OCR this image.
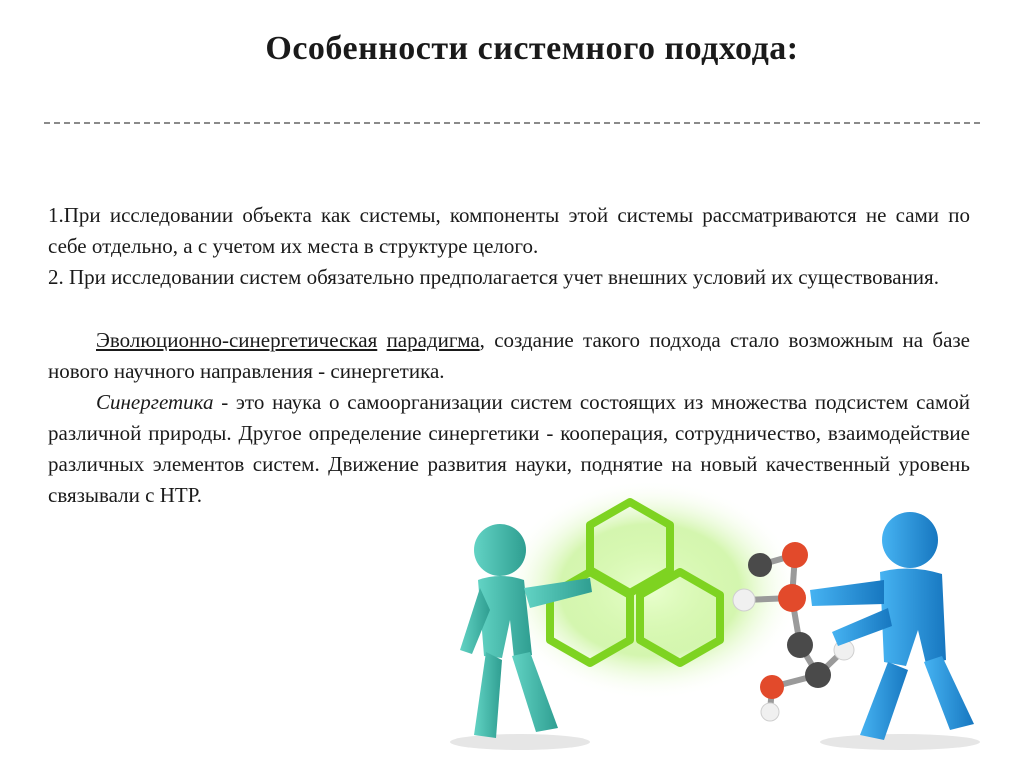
Особенности системного подхода:

1.При исследовании объекта как системы, компоненты этой системы рассматриваются не сами по себе отдельно, а с учетом их места в структуре целого.

2. При исследовании систем обязательно предполагается учет внешних условий их существования.

Эволюционно-синергетическая парадигма, создание такого подхода стало возможным на базе нового научного направления - синергетика.

Синергетика - это наука о самоорганизации систем состоящих из множества подсистем самой различной природы. Другое определение синергетики - кооперация, сотрудничество, взаимодействие различных элементов систем. Движение развития науки, поднятие на новый качественный уровень связывали с НТР.
